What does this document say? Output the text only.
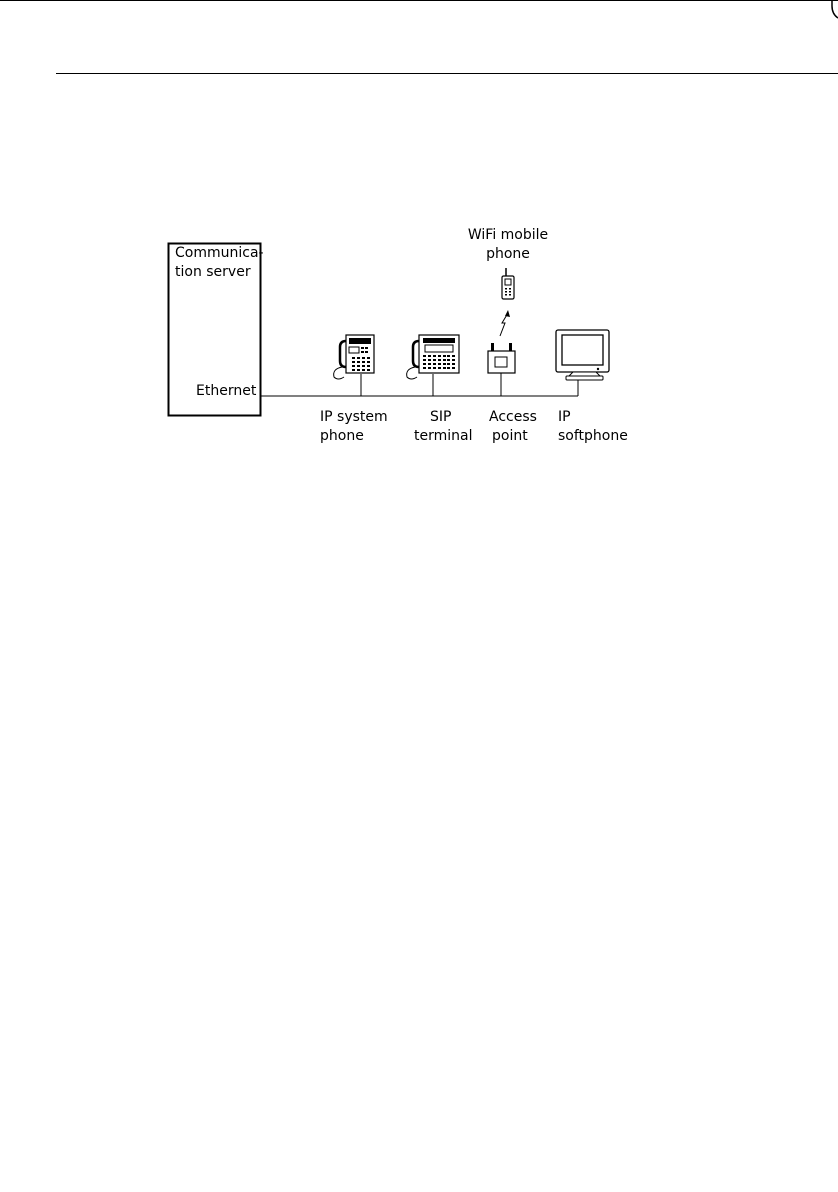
Communica-
tion server
Ethernet
WiFi mobile
phone
IP system
phone
SIP
terminal
Access
point
IP
softphone
